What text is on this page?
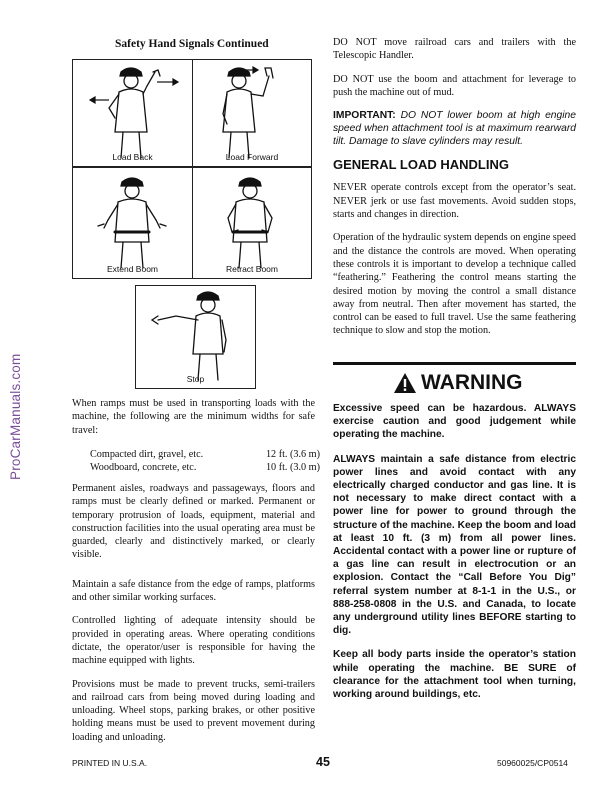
ProCarManuals.com
Safety Hand Signals Continued
Load Back	Load Forward
Extend Boom	Retract Boom
Stop

When ramps must be used in transporting loads with the machine, the following are the minimum widths for safe travel:

Compacted dirt, gravel, etc.	12 ft. (3.6 m)
Woodboard, concrete, etc.	10 ft. (3.0 m)

Permanent aisles, roadways and passageways, floors and ramps must be clearly defined or marked. Permanent or temporary protrusion of loads, equipment, material and construction facilities into the usual operating area must be guarded, clearly and distinctively marked, or clearly visible.

Maintain a safe distance from the edge of ramps, platforms and other similar working surfaces.

Controlled lighting of adequate intensity should be provided in operating areas. Where operating conditions dictate, the operator/user is responsible for having the machine equipped with lights.

Provisions must be made to prevent trucks, semi-trailers and railroad cars from being moved during loading and unloading. Wheel stops, parking brakes, or other positive holding means must be used to prevent movement during loading and unloading.

DO NOT move railroad cars and trailers with the Telescopic Handler.

DO NOT use the boom and attachment for leverage to push the machine out of mud.

IMPORTANT: DO NOT lower boom at high engine speed when attachment tool is at maximum rearward tilt. Damage to slave cylinders may result.

GENERAL LOAD HANDLING

NEVER operate controls except from the operator’s seat. NEVER jerk or use fast movements. Avoid sudden stops, starts and changes in direction.

Operation of the hydraulic system depends on engine speed and the distance the controls are moved. When operating these controls it is important to develop a technique called “feathering.” Feathering the control means starting the desired motion by moving the control a small distance away from neutral. Then after movement has started, the control can be eased to full travel. Use the same feathering technique to slow and stop the motion.

WARNING

Excessive speed can be hazardous. ALWAYS exercise caution and good judgement while operating the machine.

ALWAYS maintain a safe distance from electric power lines and avoid contact with any electrically charged conductor and gas line. It is not necessary to make direct contact with a power line for power to ground through the structure of the machine. Keep the boom and load at least 10 ft. (3 m) from all power lines. Accidental contact with a power line or rupture of a gas line can result in electrocution or an explosion. Contact the “Call Before You Dig” referral system number at 8-1-1 in the U.S., or 888-258-0808 in the U.S. and Canada, to locate any underground utility lines BEFORE starting to dig.

Keep all body parts inside the operator’s station while operating the machine. BE SURE of clearance for the attachment tool when turning, working around buildings, etc.

PRINTED IN U.S.A.	45	50960025/CP0514
